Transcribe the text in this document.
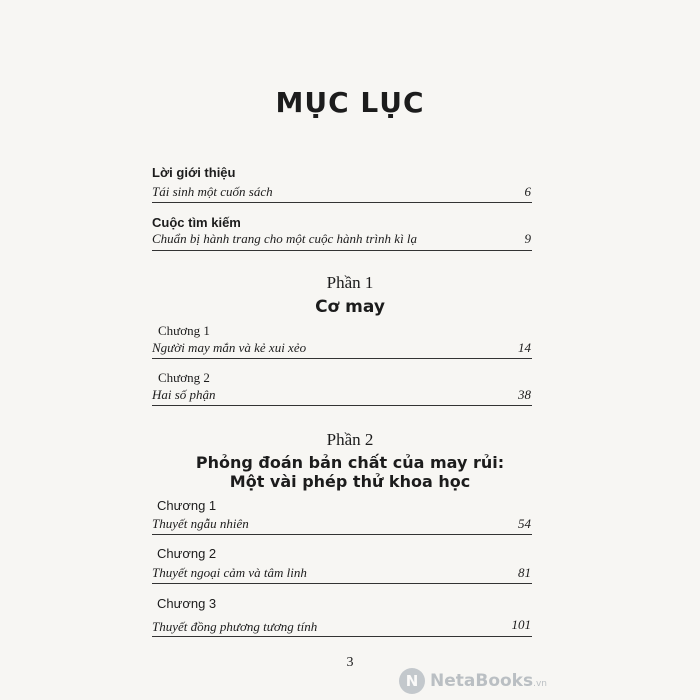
MỤC LỤC
Lời giới thiệu
Tái sinh một cuốn sách	6
Cuộc tìm kiếm
Chuẩn bị hành trang cho một cuộc hành trình kì lạ	9
Phần 1
Cơ may
Chương 1
Người may mắn và kẻ xui xẻo	14
Chương 2
Hai số phận	38
Phần 2
Phỏng đoán bản chất của may rủi:
Một vài phép thử khoa học
Chương 1
Thuyết ngẫu nhiên	54
Chương 2
Thuyết ngoại cảm và tâm linh	81
Chương 3
Thuyết đồng phương tương tính	101
3
N NetaBooks.vn
